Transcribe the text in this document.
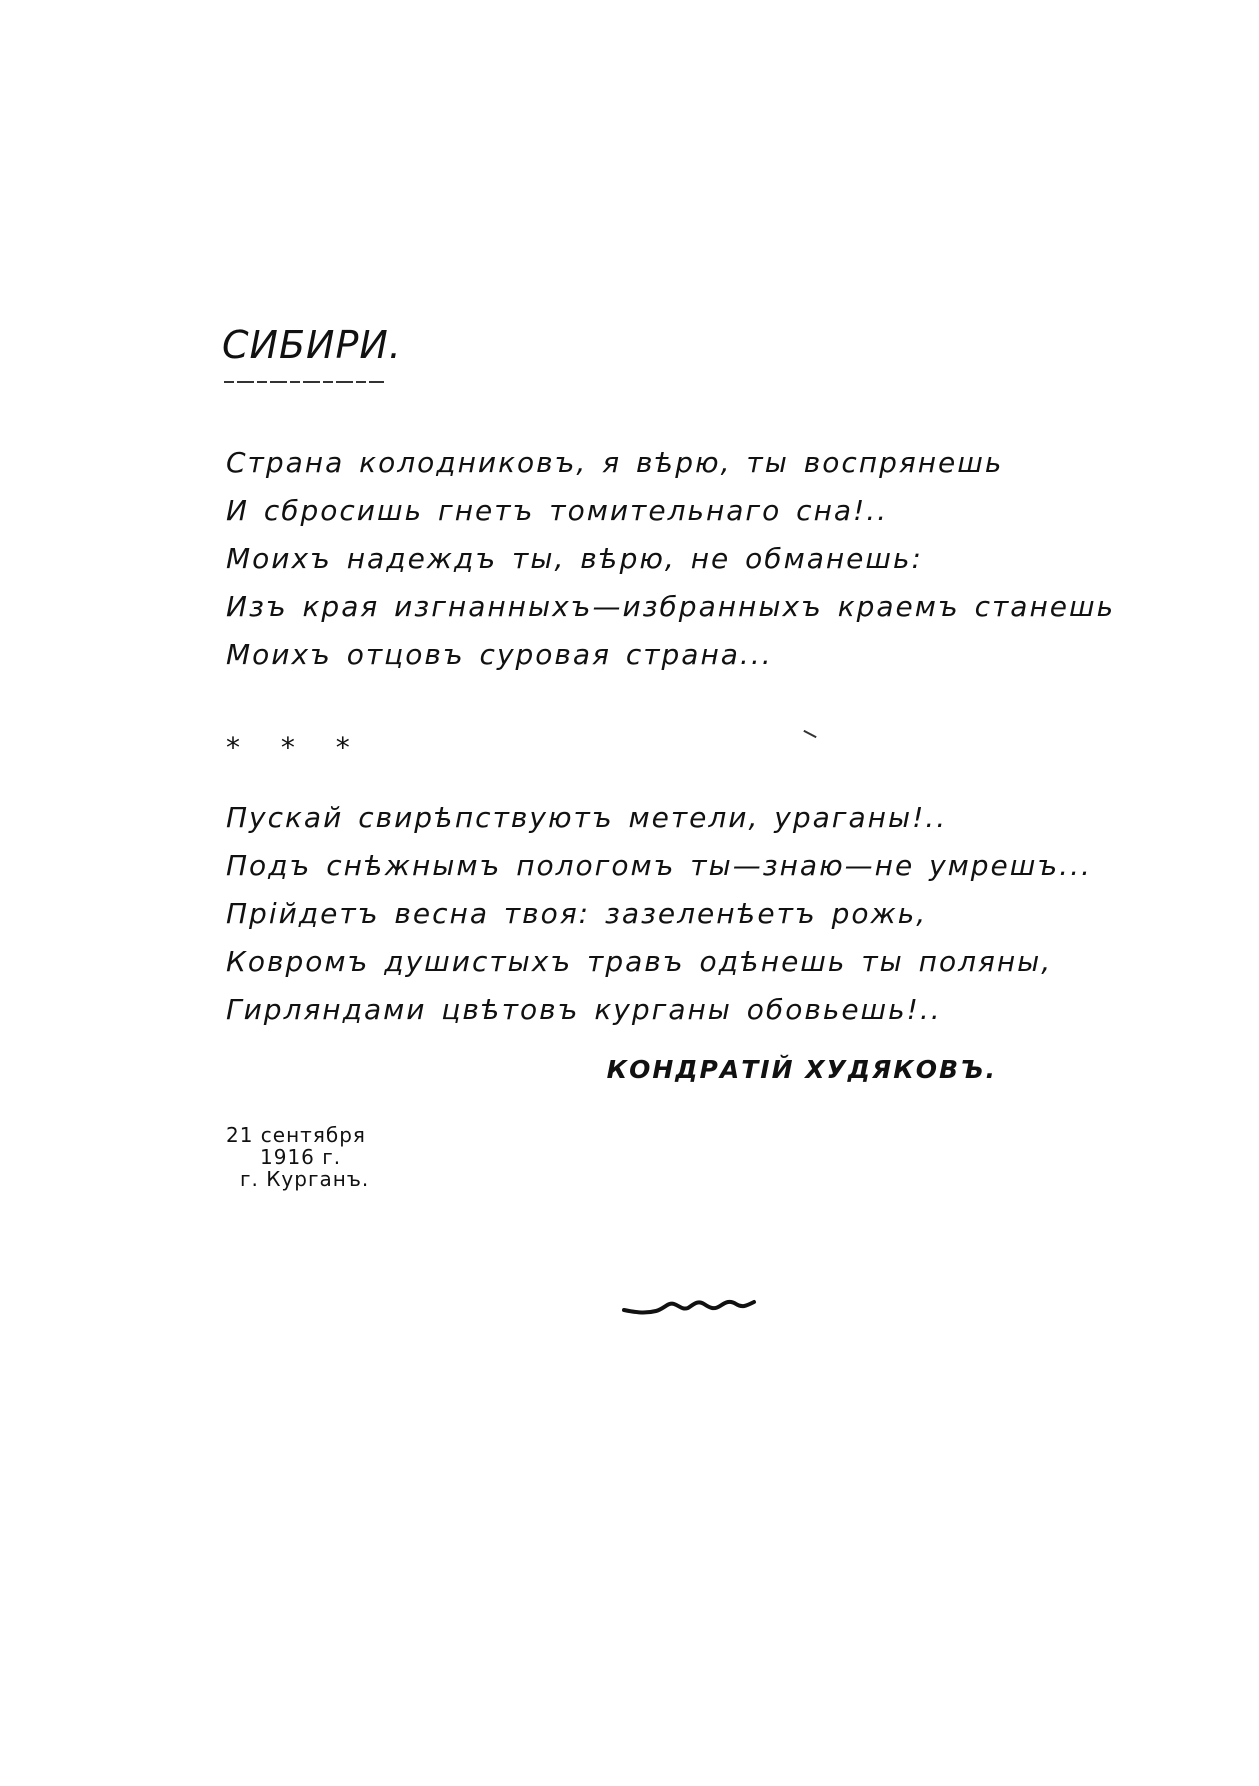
СИБИРИ.
Страна колодниковъ, я вѣрю, ты воспрянешь
И сбросишь гнетъ томительнаго сна!..
Моихъ надеждъ ты, вѣрю, не обманешь:
Изъ края изгнанныхъ—избранныхъ краемъ станешь
Моихъ отцовъ суровая страна...
* * *
Пускай свирѣпствуютъ метели, ураганы!..
Подъ снѣжнымъ пологомъ ты—знаю—не умрешъ...
Прійдетъ весна твоя: зазеленѣетъ рожь,
Ковромъ душистыхъ травъ одѣнешь ты поляны,
Гирляндами цвѣтовъ курганы обовьешь!..
КОНДРАТІЙ ХУДЯКОВЪ.
21 сентября
1916 г.
г. Курганъ.
